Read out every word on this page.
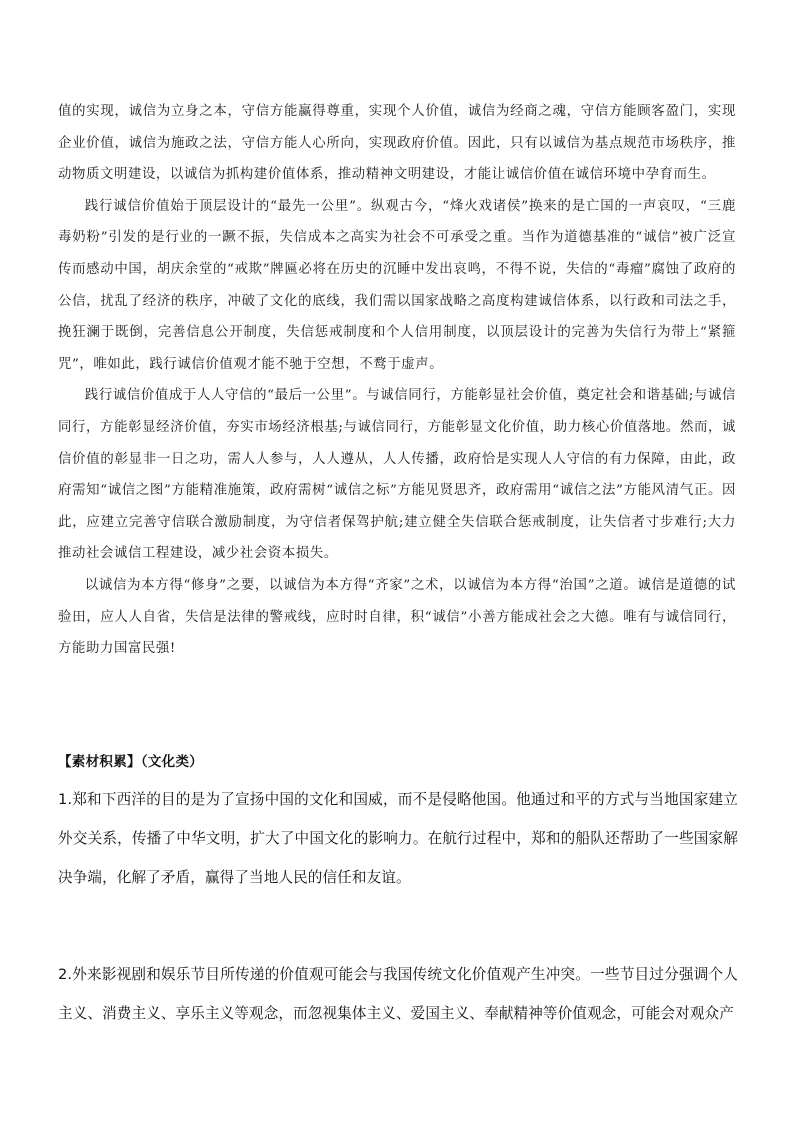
值的实现，诚信为立身之本，守信方能赢得尊重，实现个人价值，诚信为经商之魂，守信方能顾客盈门，实现企业价值，诚信为施政之法，守信方能人心所向，实现政府价值。因此，只有以诚信为基点规范市场秩序，推动物质文明建设，以诚信为抓构建价值体系，推动精神文明建设，才能让诚信价值在诚信环境中孕育而生。

践行诚信价值始于顶层设计的“最先一公里”。纵观古今，“烽火戏诸侯”换来的是亡国的一声哀叹，“三鹿毒奶粉”引发的是行业的一蹶不振，失信成本之高实为社会不可承受之重。当作为道德基准的“诚信”被广泛宣传而感动中国，胡庆余堂的“戒欺”牌匾必将在历史的沉睡中发出哀鸣，不得不说，失信的“毒瘤”腐蚀了政府的公信，扰乱了经济的秩序，冲破了文化的底线，我们需以国家战略之高度构建诚信体系，以行政和司法之手，挽狂澜于既倒，完善信息公开制度，失信惩戒制度和个人信用制度，以顶层设计的完善为失信行为带上“紧箍咒”，唯如此，践行诚信价值观才能不驰于空想，不鹜于虚声。

践行诚信价值成于人人守信的“最后一公里”。与诚信同行，方能彰显社会价值，奠定社会和谐基础;与诚信同行，方能彰显经济价值，夯实市场经济根基;与诚信同行，方能彰显文化价值，助力核心价值落地。然而，诚信价值的彰显非一日之功，需人人参与，人人遵从，人人传播，政府恰是实现人人守信的有力保障，由此，政府需知“诚信之图”方能精准施策，政府需树“诚信之标”方能见贤思齐，政府需用“诚信之法”方能风清气正。因此，应建立完善守信联合激励制度，为守信者保驾护航;建立健全失信联合惩戒制度，让失信者寸步难行;大力推动社会诚信工程建设，减少社会资本损失。

以诚信为本方得“修身”之要，以诚信为本方得“齐家”之术，以诚信为本方得“治国”之道。诚信是道德的试验田，应人人自省，失信是法律的警戒线，应时时自律，积“诚信”小善方能成社会之大德。唯有与诚信同行，方能助力国富民强!

【素材积累】（文化类）

1.郑和下西洋的目的是为了宣扬中国的文化和国威，而不是侵略他国。他通过和平的方式与当地国家建立外交关系，传播了中华文明，扩大了中国文化的影响力。在航行过程中，郑和的船队还帮助了一些国家解决争端，化解了矛盾，赢得了当地人民的信任和友谊。

2.外来影视剧和娱乐节目所传递的价值观可能会与我国传统文化价值观产生冲突。一些节目过分强调个人主义、消费主义、享乐主义等观念，而忽视集体主义、爱国主义、奉献精神等价值观念，可能会对观众产
